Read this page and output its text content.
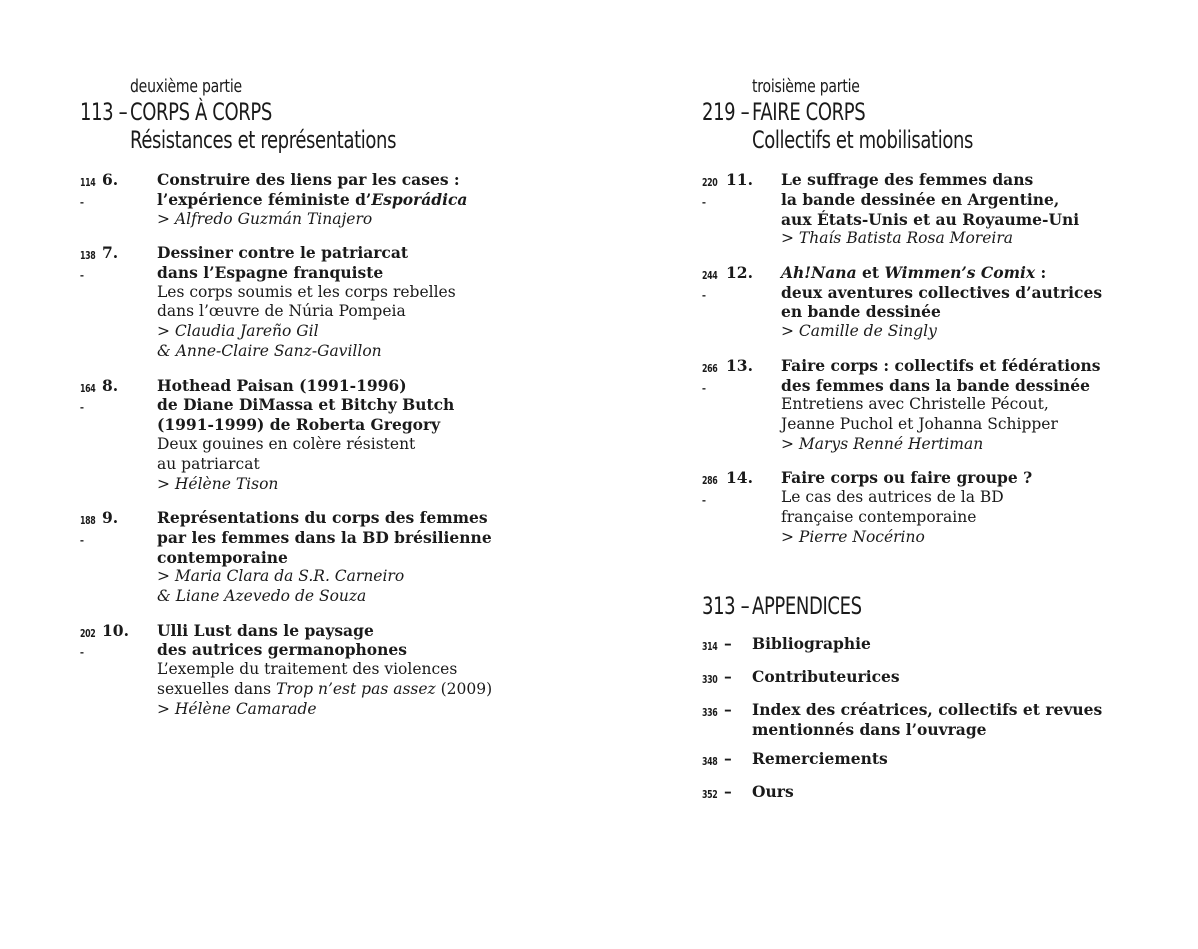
deuxième partie
113 – CORPS À CORPS
Résistances et représentations
114 –
6.	Construire des liens par les cases :
l’expérience féministe d’Esporádica
> Alfredo Guzmán Tinajero
138 –
7.	Dessiner contre le patriarcat
dans l’Espagne franquiste
Les corps soumis et les corps rebelles
dans l’œuvre de Núria Pompeia
> Claudia Jareño Gil
& Anne-Claire Sanz-Gavillon
164 –
8.	Hothead Paisan (1991-1996)
de Diane DiMassa et Bitchy Butch
(1991-1999) de Roberta Gregory
Deux gouines en colère résistent
au patriarcat
> Hélène Tison
188 –
9.	Représentations du corps des femmes
par les femmes dans la BD brésilienne
contemporaine
> Maria Clara da S.R. Carneiro
& Liane Azevedo de Souza
202 –
10.	Ulli Lust dans le paysage
des autrices germanophones
L’exemple du traitement des violences
sexuelles dans Trop n’est pas assez (2009)
> Hélène Camarade
troisième partie
219 – FAIRE CORPS
Collectifs et mobilisations
220 –
11.	Le suffrage des femmes dans
la bande dessinée en Argentine,
aux États-Unis et au Royaume-Uni
> Thaís Batista Rosa Moreira
244 –
12.	Ah!Nana et Wimmen’s Comix :
deux aventures collectives d’autrices
en bande dessinée
> Camille de Singly
266 –
13.	Faire corps : collectifs et fédérations
des femmes dans la bande dessinée
Entretiens avec Christelle Pécout,
Jeanne Puchol et Johanna Schipper
> Marys Renné Hertiman
286 –
14.	Faire corps ou faire groupe ?
Le cas des autrices de la BD
française contemporaine
> Pierre Nocérino
313 – APPENDICES
314 –	Bibliographie
330 –	Contributeurices
336 –	Index des créatrices, collectifs et revues
mentionnés dans l’ouvrage
348 –	Remerciements
352 –	Ours
